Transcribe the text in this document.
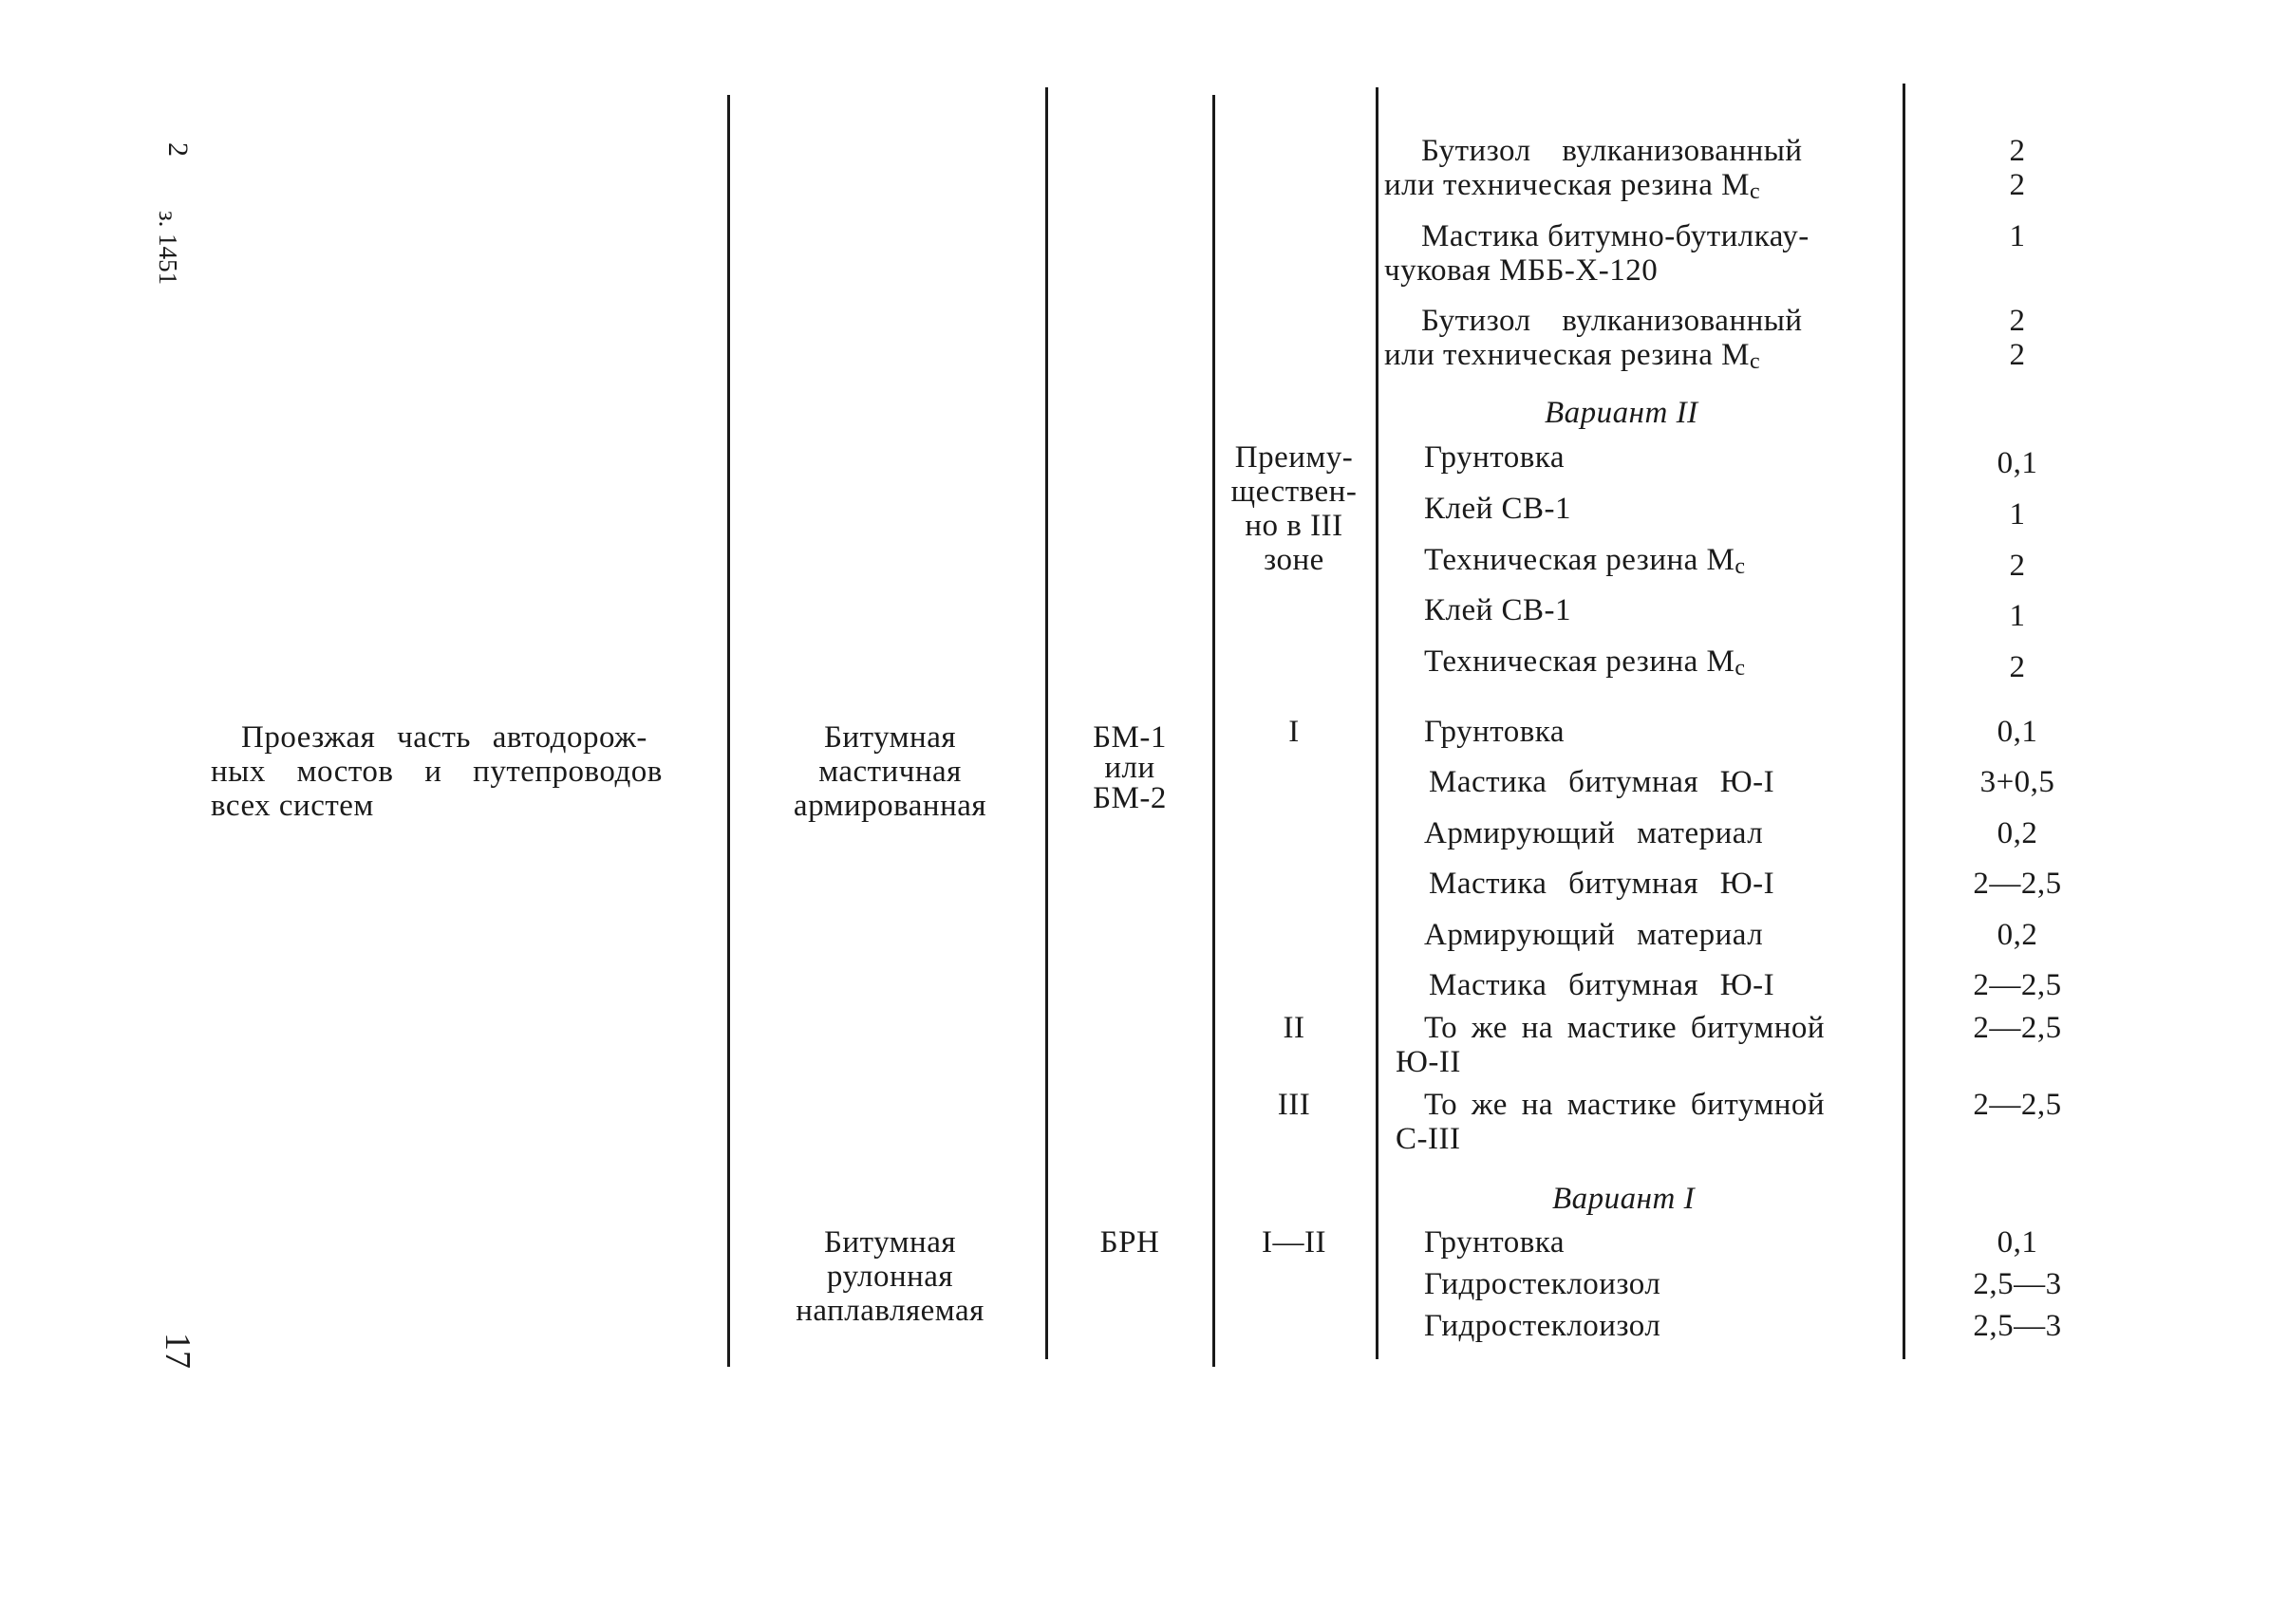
2
з. 1451
17
Проезжая часть автодорож-
ных мостов и путепроводов
всех систем
Битумная
мастичная
армированная
Битумная
рулонная
наплавляемая
БМ-1
или
БМ-2
БРН
Преиму-
ществен-
но в III
зоне
I
II
III
I—II
Бутизол вулканизованный
или техническая резина Мс
Мастика битумно-бутилкау-
чуковая МББ-Х-120
Бутизол вулканизованный
или техническая резина Мс
Вариант II
Грунтовка
Клей СВ-1
Техническая резина Мс
Клей СВ-1
Техническая резина Мс
Грунтовка
Мастика битумная Ю-I
Армирующий материал
Мастика битумная Ю-I
Армирующий материал
Мастика битумная Ю-I
То же на мастике битумной
Ю-II
То же на мастике битумной
С-III
Вариант I
Грунтовка
Гидростеклоизол
Гидростеклоизол
2
2
1
2
2
0,1
1
2
1
2
0,1
3+0,5
0,2
2—2,5
0,2
2—2,5
2—2,5
2—2,5
0,1
2,5—3
2,5—3
